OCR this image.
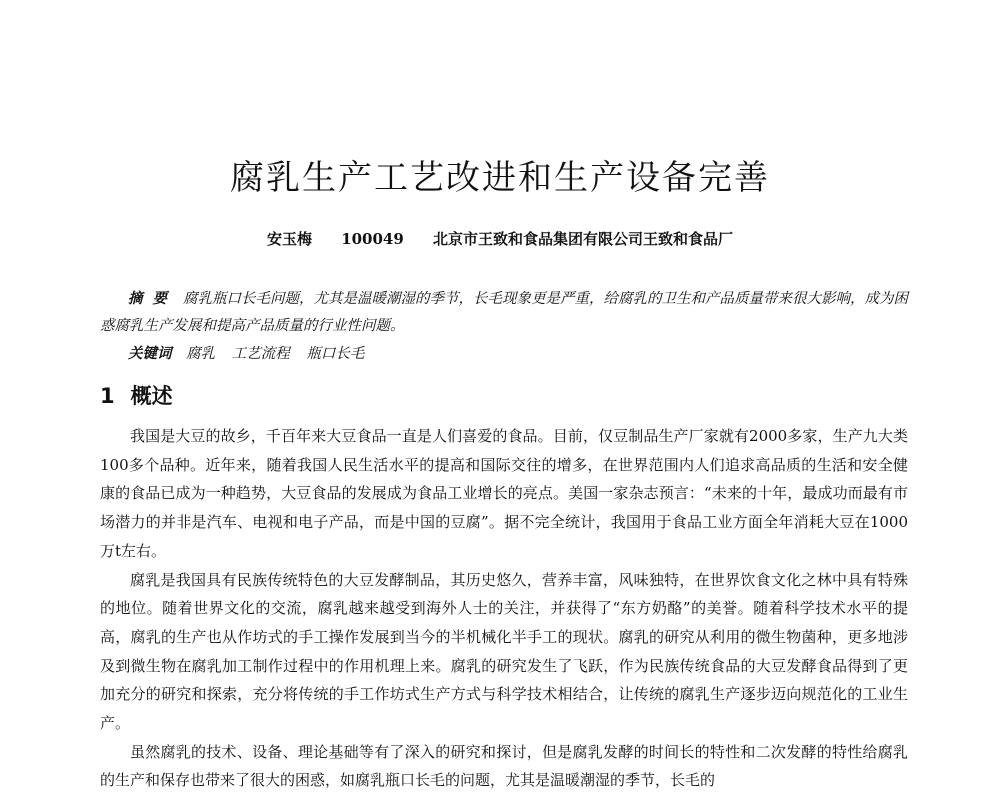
腐乳生产工艺改进和生产设备完善

安玉梅 100049 北京市王致和食品集团有限公司王致和食品厂

摘要 腐乳瓶口长毛问题，尤其是温暖潮湿的季节，长毛现象更是严重，给腐乳的卫生和产品质量带来很大影响，成为困惑腐乳生产发展和提高产品质量的行业性问题。

关键词 腐乳 工艺流程 瓶口长毛

1 概述

我国是大豆的故乡，千百年来大豆食品一直是人们喜爱的食品。目前，仅豆制品生产厂家就有2000多家，生产九大类100多个品种。近年来，随着我国人民生活水平的提高和国际交往的增多，在世界范围内人们追求高品质的生活和安全健康的食品已成为一种趋势，大豆食品的发展成为食品工业增长的亮点。美国一家杂志预言：“未来的十年，最成功而最有市场潜力的并非是汽车、电视和电子产品，而是中国的豆腐”。据不完全统计，我国用于食品工业方面全年消耗大豆在1000万t左右。

腐乳是我国具有民族传统特色的大豆发酵制品，其历史悠久，营养丰富，风味独特，在世界饮食文化之林中具有特殊的地位。随着世界文化的交流，腐乳越来越受到海外人士的关注，并获得了“东方奶酪”的美誉。随着科学技术水平的提高，腐乳的生产也从作坊式的手工操作发展到当今的半机械化半手工的现状。腐乳的研究从利用的微生物菌种，更多地涉及到微生物在腐乳加工制作过程中的作用机理上来。腐乳的研究发生了飞跃，作为民族传统食品的大豆发酵食品得到了更加充分的研究和探索，充分将传统的手工作坊式生产方式与科学技术相结合，让传统的腐乳生产逐步迈向规范化的工业生产。

虽然腐乳的技术、设备、理论基础等有了深入的研究和探讨，但是腐乳发酵的时间长的特性和二次发酵的特性给腐乳的生产和保存也带来了很大的困惑，如腐乳瓶口长毛的问题，尤其是温暖潮湿的季节，长毛的
